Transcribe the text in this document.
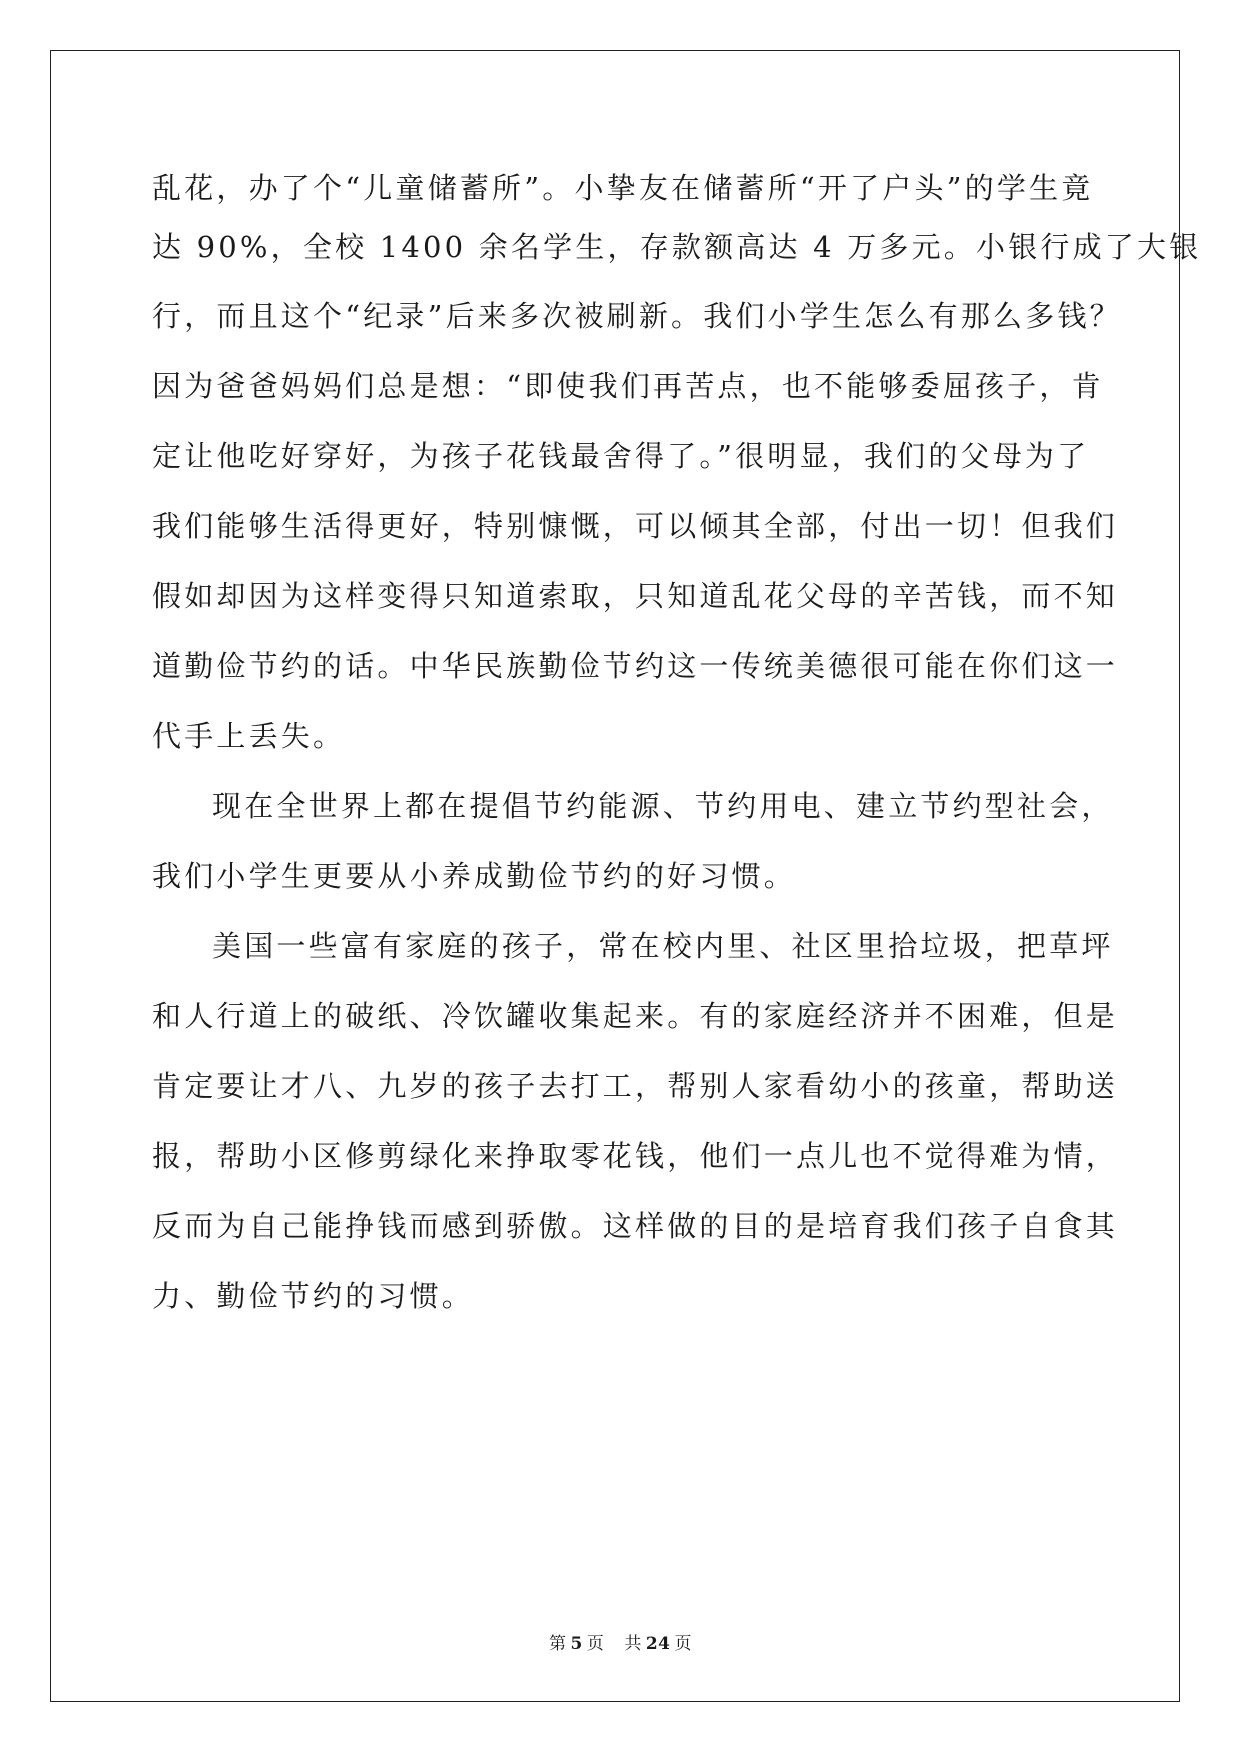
乱花，办了个“儿童储蓄所”。小挚友在储蓄所“开了户头”的学生竟
达 90%，全校 1400 余名学生，存款额高达 4 万多元。小银行成了大银
行，而且这个“纪录”后来多次被刷新。我们小学生怎么有那么多钱？
因为爸爸妈妈们总是想：“即使我们再苦点，也不能够委屈孩子，肯
定让他吃好穿好，为孩子花钱最舍得了。”很明显，我们的父母为了
我们能够生活得更好，特别慷慨，可以倾其全部，付出一切！但我们
假如却因为这样变得只知道索取，只知道乱花父母的辛苦钱，而不知
道勤俭节约的话。中华民族勤俭节约这一传统美德很可能在你们这一
代手上丢失。
现在全世界上都在提倡节约能源、节约用电、建立节约型社会，
我们小学生更要从小养成勤俭节约的好习惯。
美国一些富有家庭的孩子，常在校内里、社区里拾垃圾，把草坪
和人行道上的破纸、冷饮罐收集起来。有的家庭经济并不困难，但是
肯定要让才八、九岁的孩子去打工，帮别人家看幼小的孩童，帮助送
报，帮助小区修剪绿化来挣取零花钱，他们一点儿也不觉得难为情，
反而为自己能挣钱而感到骄傲。这样做的目的是培育我们孩子自食其
力、勤俭节约的习惯。
第 5 页 共 24 页
